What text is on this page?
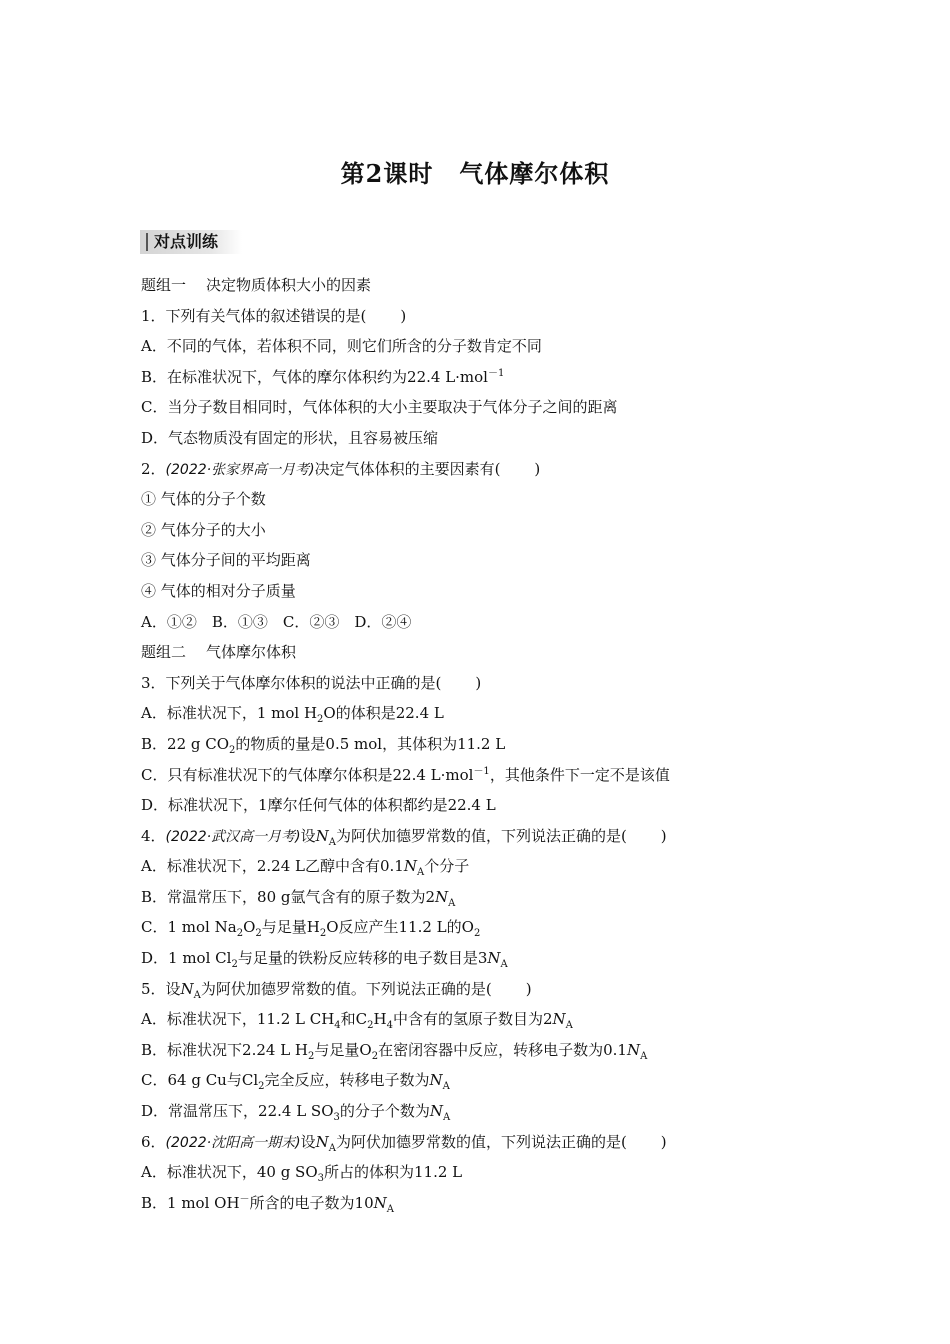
第2课时 气体摩尔体积
对点训练
题组一 决定物质体积大小的因素
1．下列有关气体的叙述错误的是( )
A．不同的气体，若体积不同，则它们所含的分子数肯定不同
B．在标准状况下，气体的摩尔体积约为22.4 L·mol$^{-1}$
C．当分子数目相同时，气体体积的大小主要取决于气体分子之间的距离
D．气态物质没有固定的形状，且容易被压缩
2．(2022·张家界高一月考)决定气体体积的主要因素有( )
① 气体的分子个数
② 气体分子的大小
③ 气体分子间的平均距离
④ 气体的相对分子质量
A．①②　B．①③　C．②③　D．②④
题组二 气体摩尔体积
3．下列关于气体摩尔体积的说法中正确的是( )
A．标准状况下，1 mol $H_2O$的体积是22.4 L
B．22 g $CO_2$的物质的量是0.5 mol，其体积为11.2 L
C．只有标准状况下的气体摩尔体积是22.4 L·mol$^{-1}$，其他条件下一定不是该值
D．标准状况下，1摩尔任何气体的体积都约是22.4 L
4．(2022·武汉高一月考)设$N_A$为阿伏加德罗常数的值，下列说法正确的是( )
A．标准状况下，2.24 L乙醇中含有$0.1N_A$个分子
B．常温常压下，80 g氩气含有的原子数为$2N_A$
C．1 mol $Na_2O_2$与足量$H_2O$反应产生11.2 L的$O_2$
D．1 mol $Cl_2$与足量的铁粉反应转移的电子数目是$3N_A$
5．设$N_A$为阿伏加德罗常数的值。下列说法正确的是( )
A．标准状况下，11.2 L $CH_4$和$C_2H_4$中含有的氢原子数目为$2N_A$
B．标准状况下2.24 L $H_2$与足量$O_2$在密闭容器中反应，转移电子数为$0.1N_A$
C．64 g Cu与$Cl_2$完全反应，转移电子数为$N_A$
D．常温常压下，22.4 L $SO_3$的分子个数为$N_A$
6．(2022·沈阳高一期末)设$N_A$为阿伏加德罗常数的值，下列说法正确的是( )
A．标准状况下，40 g $SO_3$所占的体积为11.2 L
B．1 mol OH－所含的电子数为$10N_A$
